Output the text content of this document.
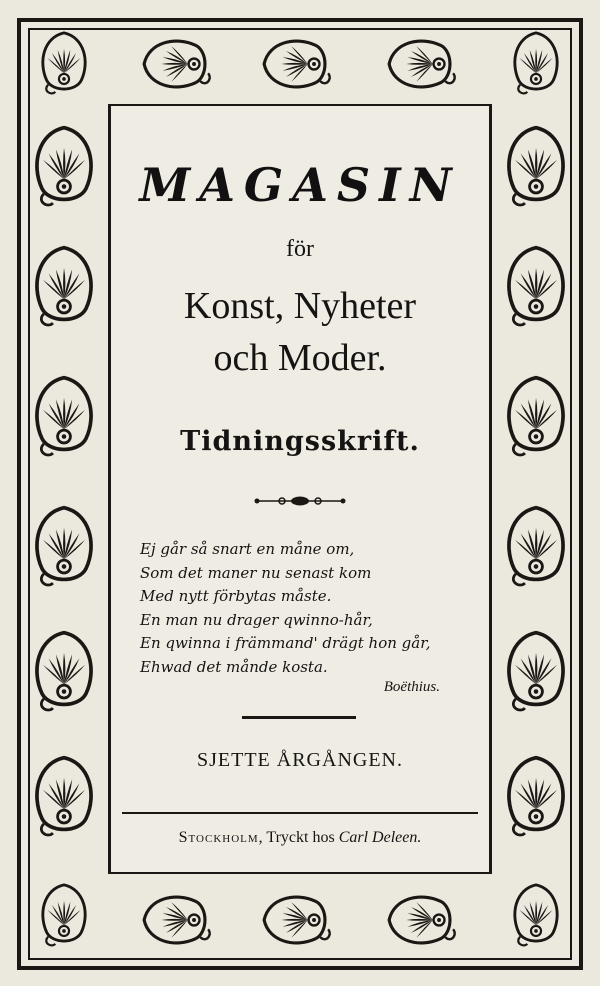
MAGASIN
för
Konst, Nyheter
och Moder.
Tidningsskrift.
Ej går så snart en måne om,
Som det maner nu senast kom
Med nytt förbytas måste.
En man nu drager qwinno-hår,
En qwinna i främmand' drägt hon går,
Ehwad det månde kosta.
Boëthius.
SJETTE ÅRGÅNGEN.
Stockholm, Tryckt hos Carl Deleen.
